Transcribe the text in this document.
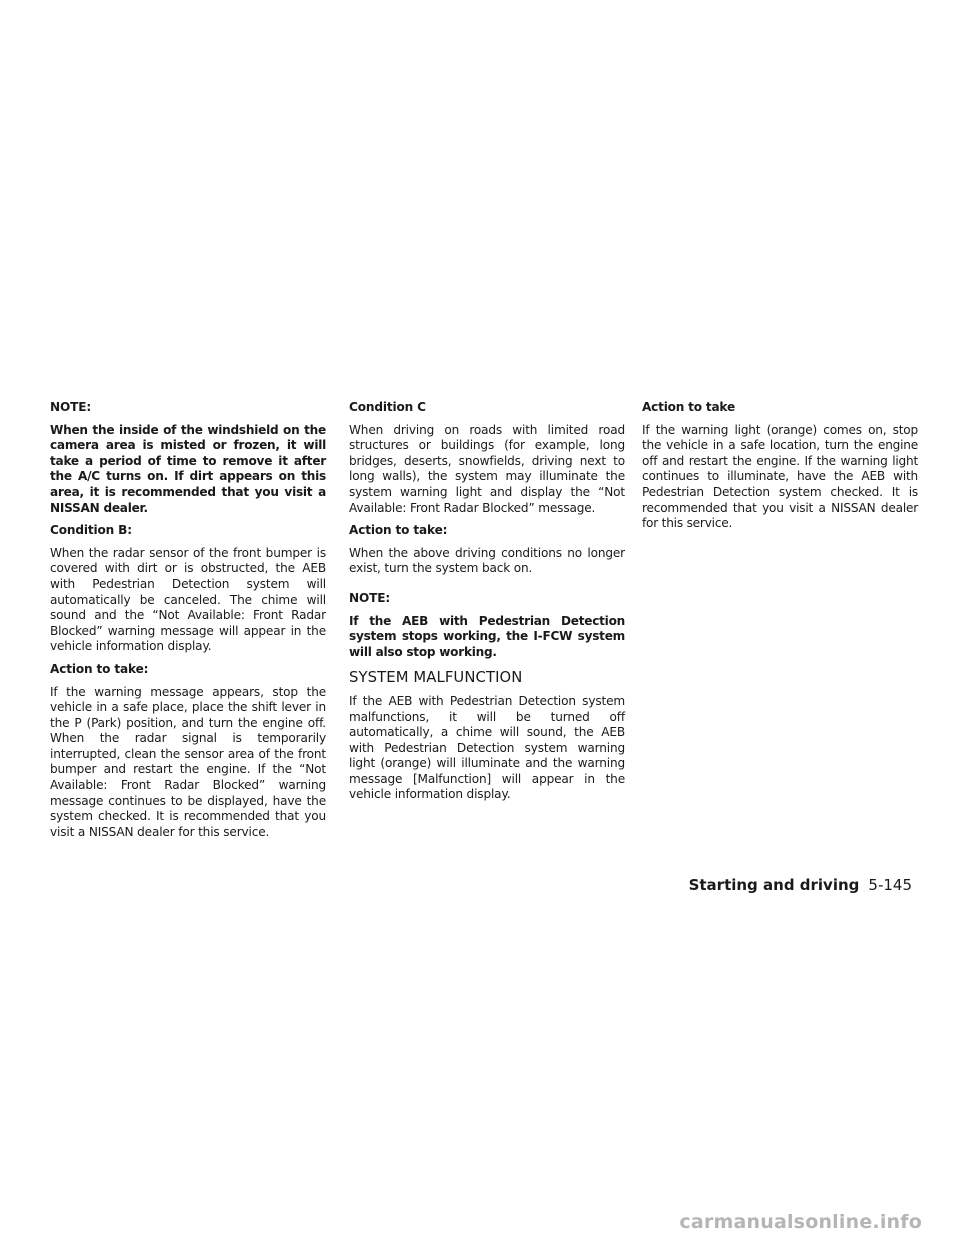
NOTE:

When the inside of the windshield on the camera area is misted or frozen, it will take a period of time to remove it after the A/C turns on. If dirt appears on this area, it is recommended that you visit a NISSAN dealer.

Condition B:

When the radar sensor of the front bumper is covered with dirt or is obstructed, the AEB with Pedestrian Detection system will automatically be canceled. The chime will sound and the “Not Available: Front Radar Blocked” warning message will appear in the vehicle information display.

Action to take:

If the warning message appears, stop the vehicle in a safe place, place the shift lever in the P (Park) position, and turn the engine off. When the radar signal is temporarily interrupted, clean the sensor area of the front bumper and restart the engine. If the “Not Available: Front Radar Blocked” warning message continues to be displayed, have the system checked. It is recommended that you visit a NISSAN dealer for this service.

Condition C

When driving on roads with limited road structures or buildings (for example, long bridges, deserts, snowfields, driving next to long walls), the system may illuminate the system warning light and display the “Not Available: Front Radar Blocked” message.

Action to take:

When the above driving conditions no longer exist, turn the system back on.

NOTE:

If the AEB with Pedestrian Detection system stops working, the I-FCW system will also stop working.

SYSTEM MALFUNCTION

If the AEB with Pedestrian Detection system malfunctions, it will be turned off automatically, a chime will sound, the AEB with Pedestrian Detection system warning light (orange) will illuminate and the warning message [Malfunction] will appear in the vehicle information display.

Action to take

If the warning light (orange) comes on, stop the vehicle in a safe location, turn the engine off and restart the engine. If the warning light continues to illuminate, have the AEB with Pedestrian Detection system checked. It is recommended that you visit a NISSAN dealer for this service.

Starting and driving 5-145
carmanualsonline.info
